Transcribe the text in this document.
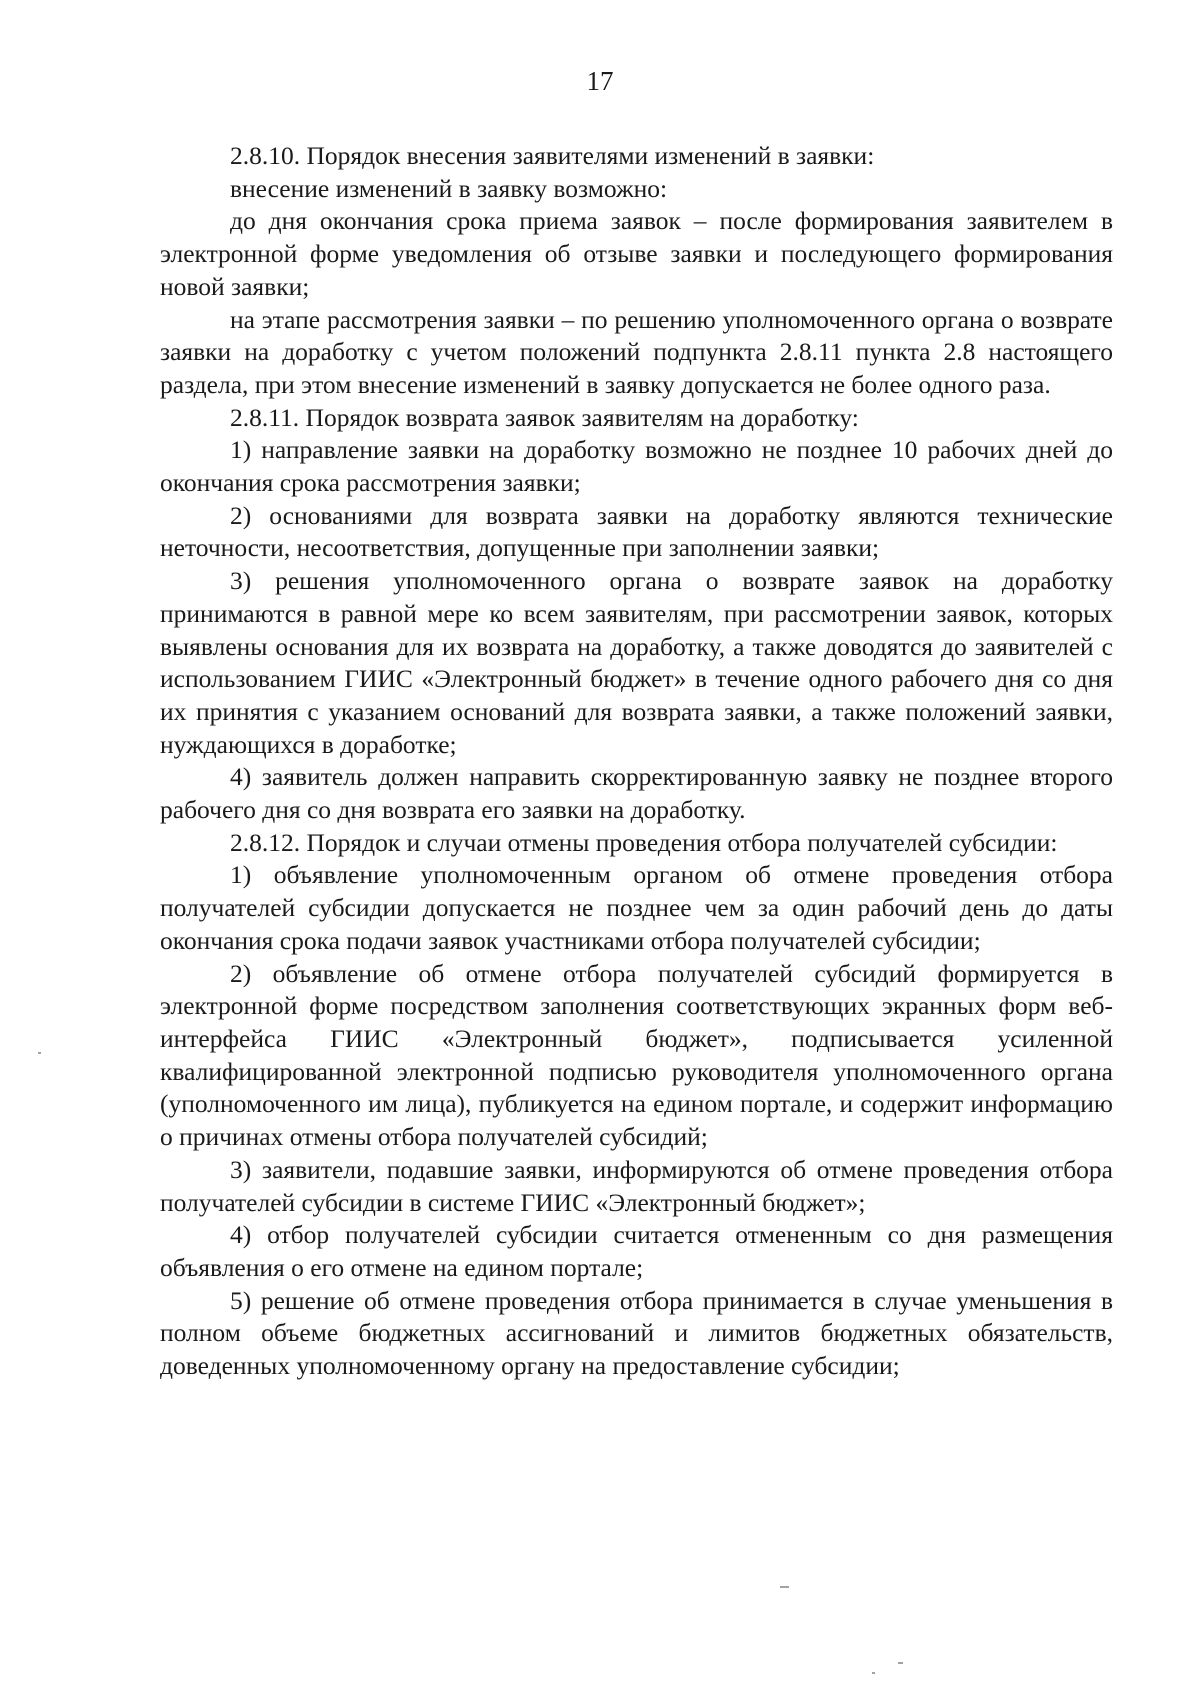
17

2.8.10. Порядок внесения заявителями изменений в заявки:

внесение изменений в заявку возможно:

до дня окончания срока приема заявок – после формирования заявителем в электронной форме уведомления об отзыве заявки и последующего формирования новой заявки;

на этапе рассмотрения заявки – по решению уполномоченного органа о возврате заявки на доработку с учетом положений подпункта 2.8.11 пункта 2.8 настоящего раздела, при этом внесение изменений в заявку допускается не более одного раза.

2.8.11. Порядок возврата заявок заявителям на доработку:

1) направление заявки на доработку возможно не позднее 10 рабочих дней до окончания срока рассмотрения заявки;

2) основаниями для возврата заявки на доработку являются технические неточности, несоответствия, допущенные при заполнении заявки;

3) решения уполномоченного органа о возврате заявок на доработку принимаются в равной мере ко всем заявителям, при рассмотрении заявок, которых выявлены основания для их возврата на доработку, а также доводятся до заявителей с использованием ГИИС «Электронный бюджет» в течение одного рабочего дня со дня их принятия с указанием оснований для возврата заявки, а также положений заявки, нуждающихся в доработке;

4) заявитель должен направить скорректированную заявку не позднее второго рабочего дня со дня возврата его заявки на доработку.

2.8.12. Порядок и случаи отмены проведения отбора получателей субсидии:

1) объявление уполномоченным органом об отмене проведения отбора получателей субсидии допускается не позднее чем за один рабочий день до даты окончания срока подачи заявок участниками отбора получателей субсидии;

2) объявление об отмене отбора получателей субсидий формируется в электронной форме посредством заполнения соответствующих экранных форм веб-интерфейса ГИИС «Электронный бюджет», подписывается усиленной квалифицированной электронной подписью руководителя уполномоченного органа (уполномоченного им лица), публикуется на едином портале, и содержит информацию о причинах отмены отбора получателей субсидий;

3) заявители, подавшие заявки, информируются об отмене проведения отбора получателей субсидии в системе ГИИС «Электронный бюджет»;

4) отбор получателей субсидии считается отмененным со дня размещения объявления о его отмене на едином портале;

5) решение об отмене проведения отбора принимается в случае уменьшения в полном объеме бюджетных ассигнований и лимитов бюджетных обязательств, доведенных уполномоченному органу на предоставление субсидии;
